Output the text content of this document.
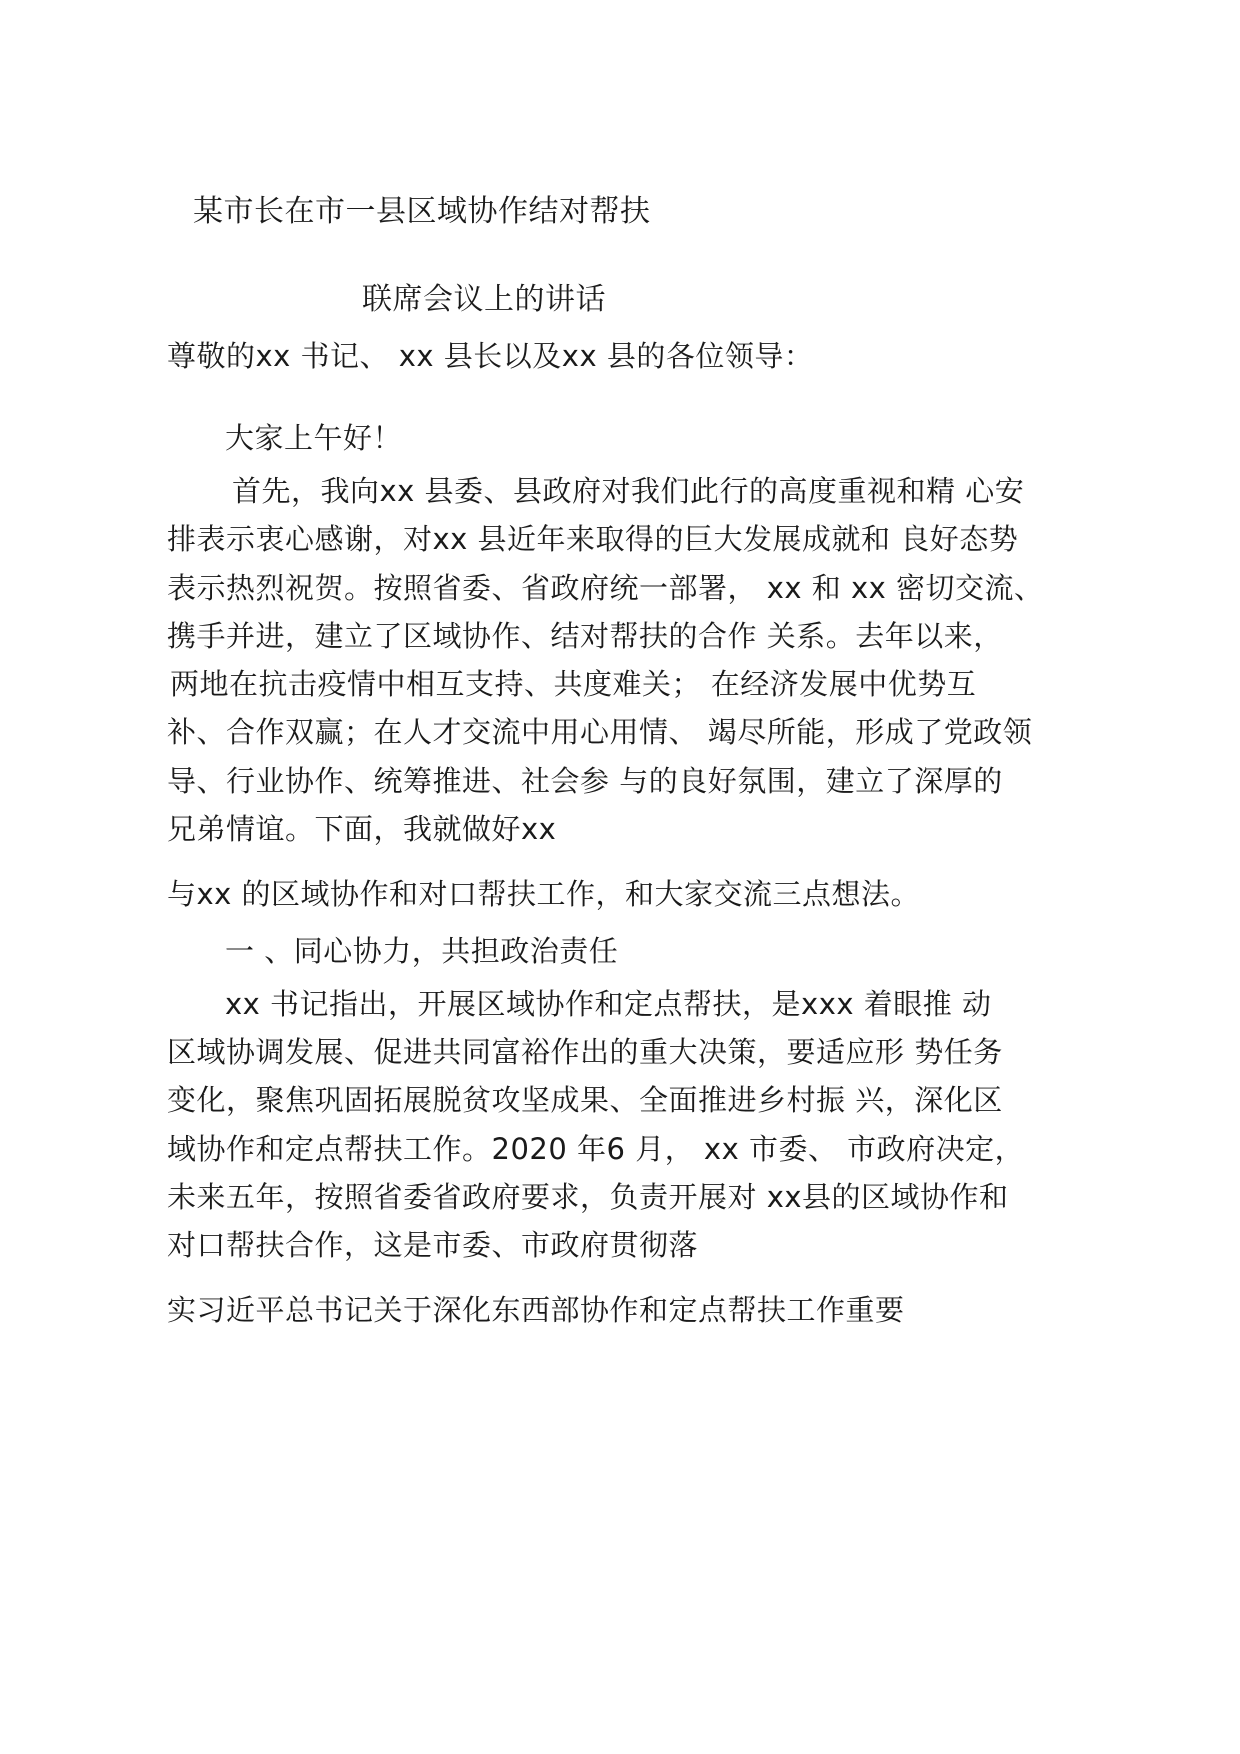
某市长在市一县区域协作结对帮扶
联席会议上的讲话
尊敬的xx 书记、 xx 县长以及xx 县的各位领导：
大家上午好！
首先，我向xx 县委、县政府对我们此行的高度重视和精 心安
排表示衷心感谢，对xx 县近年来取得的巨大发展成就和 良好态势
表示热烈祝贺。按照省委、省政府统一部署， xx 和 xx 密切交流、
携手并进，建立了区域协作、结对帮扶的合作 关系。去年以来，
两地在抗击疫情中相互支持、共度难关； 在经济发展中优势互
补、合作双赢；在人才交流中用心用情、 竭尽所能，形成了党政领
导、行业协作、统筹推进、社会参 与的良好氛围，建立了深厚的
兄弟情谊。下面，我就做好xx
与xx 的区域协作和对口帮扶工作，和大家交流三点想法。
一 、同心协力，共担政治责任
xx 书记指出，开展区域协作和定点帮扶，是xxx 着眼推 动
区域协调发展、促进共同富裕作出的重大决策，要适应形 势任务
变化，聚焦巩固拓展脱贫攻坚成果、全面推进乡村振 兴，深化区
域协作和定点帮扶工作。2020 年6 月， xx 市委、 市政府决定，
未来五年，按照省委省政府要求，负责开展对 xx县的区域协作和
对口帮扶合作，这是市委、市政府贯彻落
实习近平总书记关于深化东西部协作和定点帮扶工作重要
